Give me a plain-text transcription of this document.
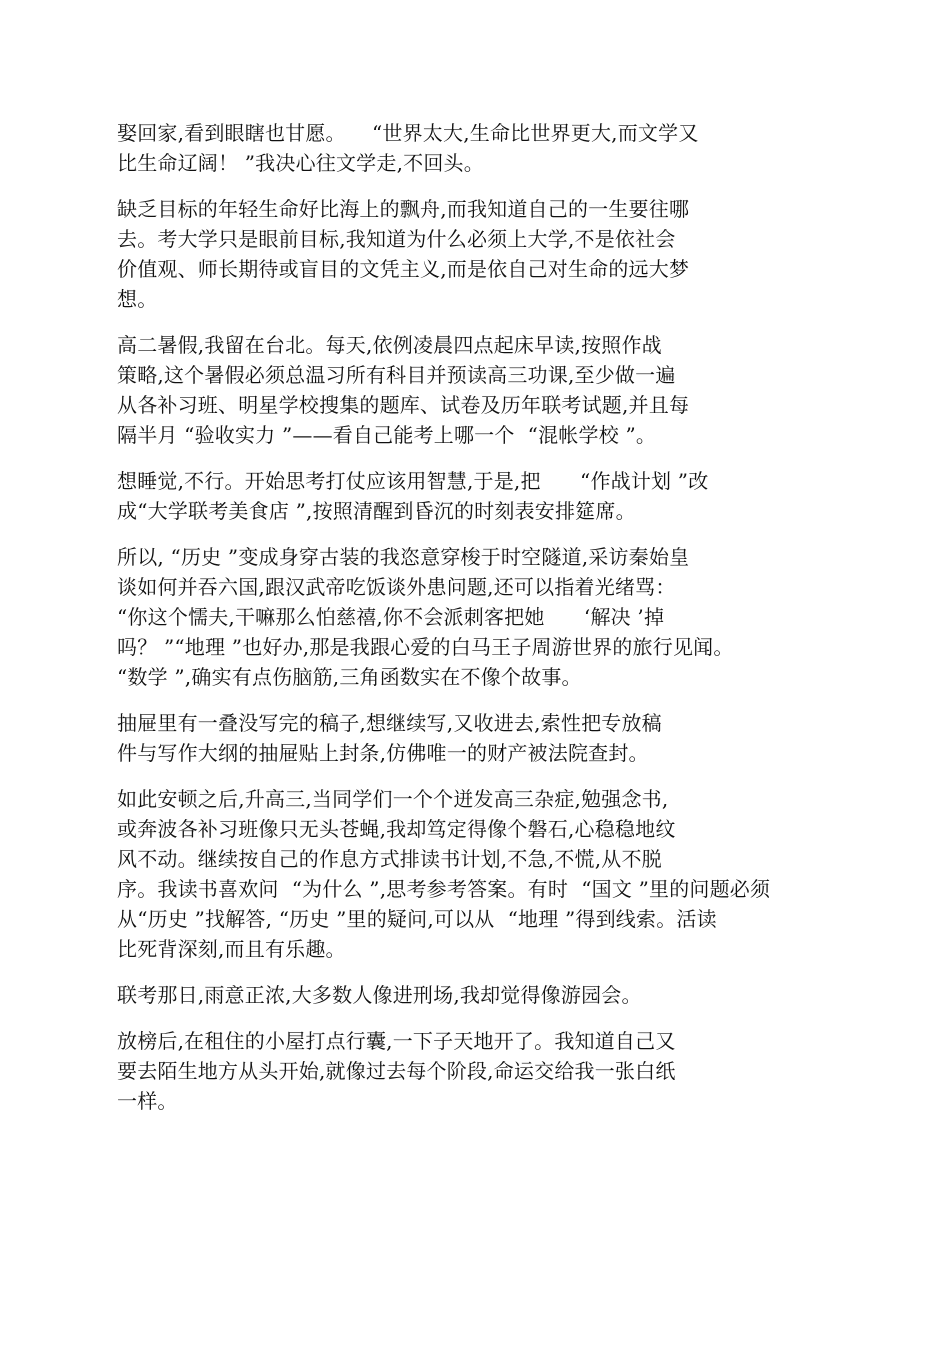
娶回家,看到眼瞎也甘愿。    “世界太大,生命比世界更大,而文学又
比生命辽阔！ ”我决心往文学走,不回头。
缺乏目标的年轻生命好比海上的飘舟,而我知道自己的一生要往哪
去。考大学只是眼前目标,我知道为什么必须上大学,不是依社会
价值观、师长期待或盲目的文凭主义,而是依自己对生命的远大梦
想。
高二暑假,我留在台北。每天,依例凌晨四点起床早读,按照作战
策略,这个暑假必须总温习所有科目并预读高三功课,至少做一遍
从各补习班、明星学校搜集的题库、试卷及历年联考试题,并且每
隔半月 “验收实力 ”——看自己能考上哪一个  “混帐学校 ”。
想睡觉,不行。开始思考打仗应该用智慧,于是,把      “作战计划 ”改
成“大学联考美食店 ”,按照清醒到昏沉的时刻表安排筵席。
所以, “历史 ”变成身穿古装的我恣意穿梭于时空隧道,采访秦始皇
谈如何并吞六国,跟汉武帝吃饭谈外患问题,还可以指着光绪骂：
“你这个懦夫,干嘛那么怕慈禧,你不会派刺客把她      ‘解决 ’掉
吗？ ”“地理 ”也好办,那是我跟心爱的白马王子周游世界的旅行见闻。
“数学 ”,确实有点伤脑筋,三角函数实在不像个故事。
抽屉里有一叠没写完的稿子,想继续写,又收进去,索性把专放稿
件与写作大纲的抽屉贴上封条,仿佛唯一的财产被法院查封。
如此安顿之后,升高三,当同学们一个个迸发高三杂症,勉强念书,
或奔波各补习班像只无头苍蝇,我却笃定得像个磐石,心稳稳地纹
风不动。继续按自己的作息方式排读书计划,不急,不慌,从不脱
序。我读书喜欢问  “为什么 ”,思考参考答案。有时  “国文 ”里的问题必须
从“历史 ”找解答, “历史 ”里的疑问,可以从  “地理 ”得到线索。活读
比死背深刻,而且有乐趣。
联考那日,雨意正浓,大多数人像进刑场,我却觉得像游园会。
放榜后,在租住的小屋打点行囊,一下子天地开了。我知道自己又
要去陌生地方从头开始,就像过去每个阶段,命运交给我一张白纸
一样。
